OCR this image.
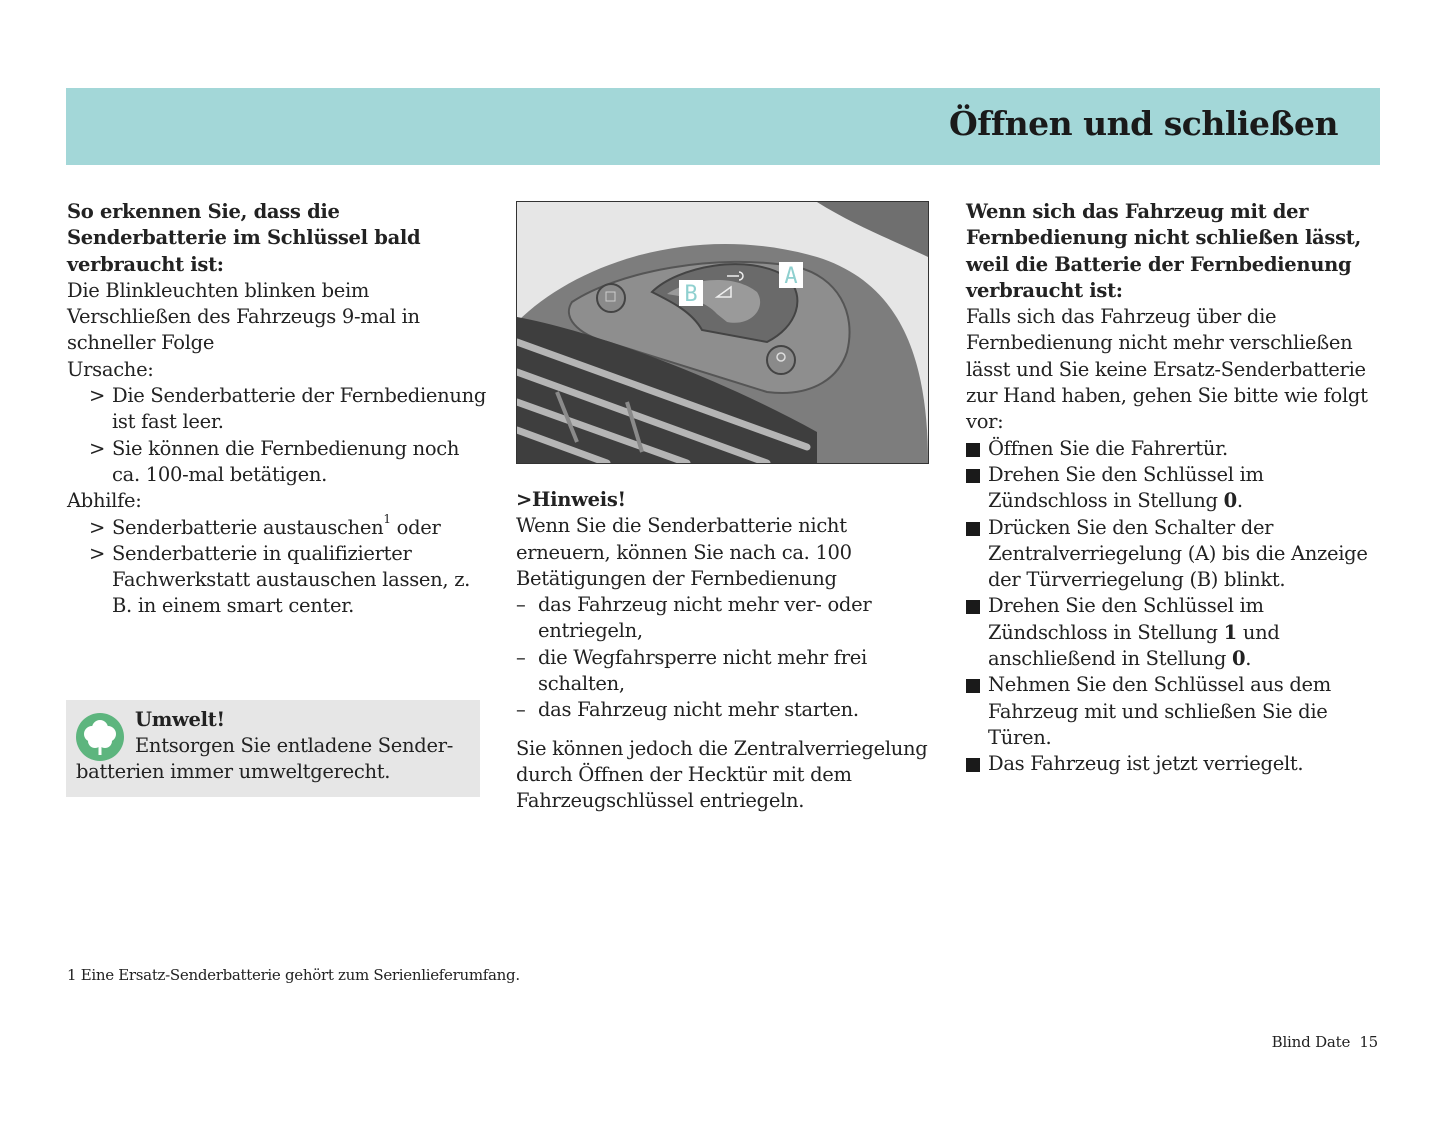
Öffnen und schließen

So erkennen Sie, dass die Senderbatterie im Schlüssel bald verbraucht ist:

Die Blinkleuchten blinken beim Verschließen des Fahrzeugs 9-mal in schneller Folge

Ursache:

> Die Senderbatterie der Fernbedienung ist fast leer.
> Sie können die Fernbedienung noch ca. 100-mal betätigen.

Abhilfe:

> Senderbatterie austauschen$^1$ oder
> Senderbatterie in qualifizierter Fachwerkstatt austauschen lassen, z. B. in einem smart center.
Umwelt!
Entsorgen Sie entladene Sender-
batterien immer umweltgerecht.
B
A

>Hinweis!

Wenn Sie die Senderbatterie nicht erneuern, können Sie nach ca. 100 Betätigungen der Fernbedienung

– das Fahrzeug nicht mehr ver- oder entriegeln,
– die Wegfahrsperre nicht mehr frei schalten,
– das Fahrzeug nicht mehr starten.

Sie können jedoch die Zentralverriegelung durch Öffnen der Hecktür mit dem Fahrzeugschlüssel entriegeln.

Wenn sich das Fahrzeug mit der Fernbedienung nicht schließen lässt, weil die Batterie der Fernbedienung verbraucht ist:

Falls sich das Fahrzeug über die Fernbedienung nicht mehr verschließen lässt und Sie keine Ersatz-Senderbatterie zur Hand haben, gehen Sie bitte wie folgt vor:

Öffnen Sie die Fahrertür.
Drehen Sie den Schlüssel im Zündschloss in Stellung 0.
Drücken Sie den Schalter der Zentralverriegelung (A) bis die Anzeige der Türverriegelung (B) blinkt.
Drehen Sie den Schlüssel im Zündschloss in Stellung 1 und anschließend in Stellung 0.
Nehmen Sie den Schlüssel aus dem Fahrzeug mit und schließen Sie die Türen.
Das Fahrzeug ist jetzt verriegelt.
1 Eine Ersatz-Senderbatterie gehört zum Serienlieferumfang.
Blind Date 15
